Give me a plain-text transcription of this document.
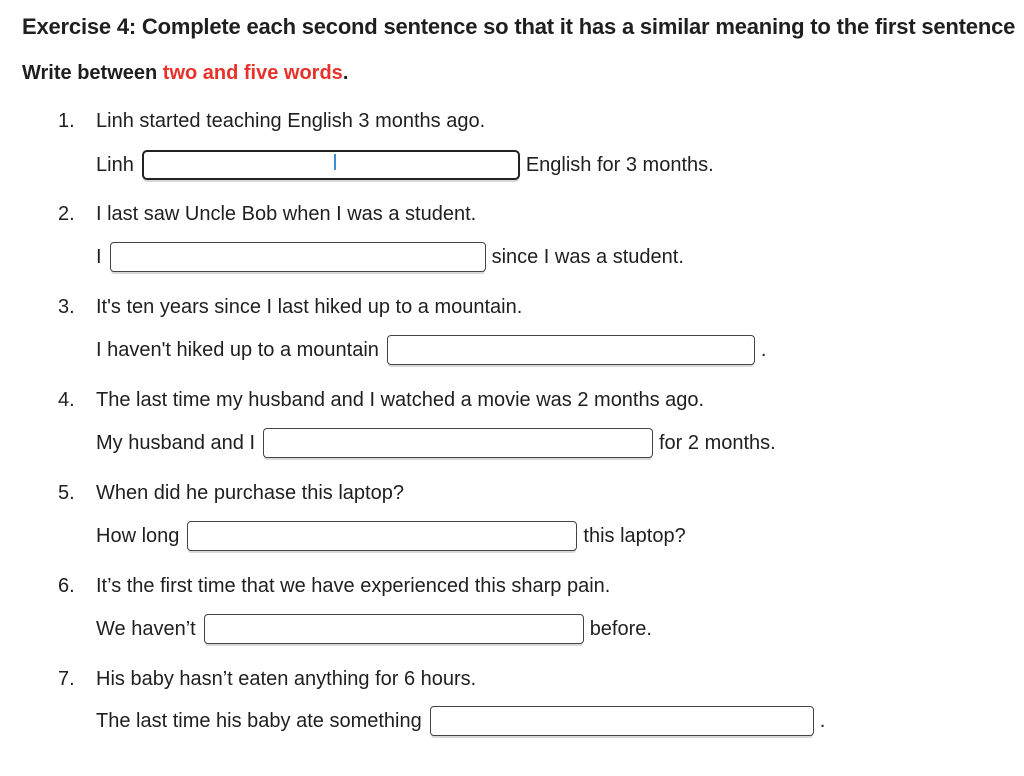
Exercise 4: Complete each second sentence so that it has a similar meaning to the first sentence
Write between two and five words.
1.	Linh started teaching English 3 months ago.
Linh	English for 3 months.
2.	I last saw Uncle Bob when I was a student.
I	since I was a student.
3.	It's ten years since I last hiked up to a mountain.
I haven't hiked up to a mountain	.
4.	The last time my husband and I watched a movie was 2 months ago.
My husband and I	for 2 months.
5.	When did he purchase this laptop?
How long	this laptop?
6.	It’s the first time that we have experienced this sharp pain.
We haven’t	before.
7.	His baby hasn’t eaten anything for 6 hours.
The last time his baby ate something	.
